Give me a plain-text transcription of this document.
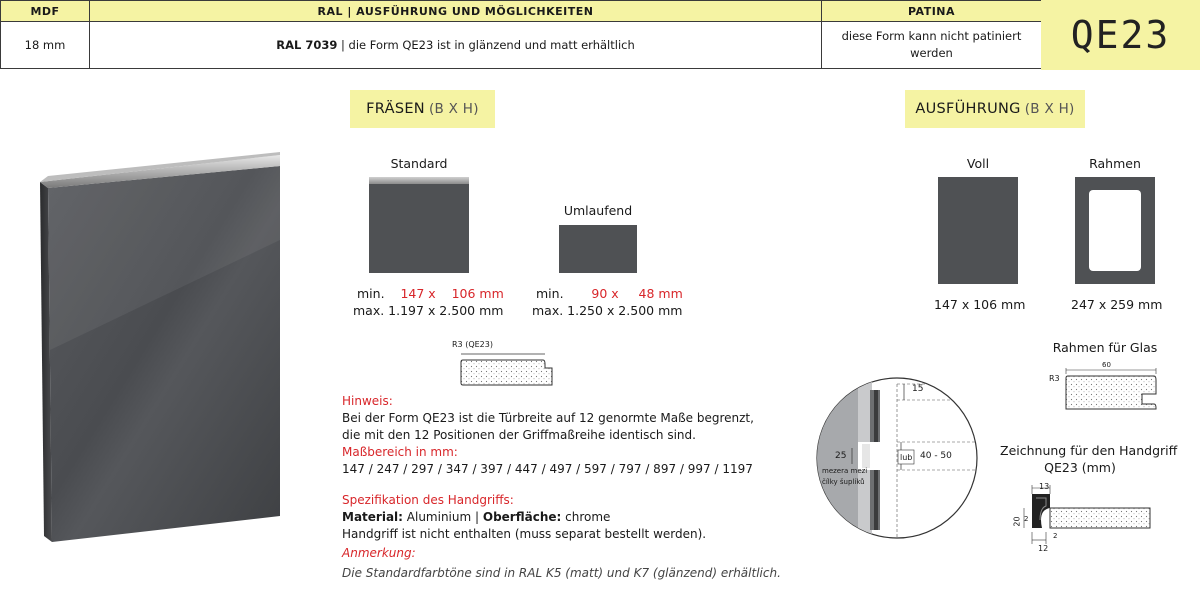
MDF	RAL | AUSFÜHRUNG UND MÖGLICHKEITEN	PATINA
18 mm	RAL 7039 | die Form QE23 ist in glänzend und matt erhältlich	diese Form kann nicht patiniert werden	QE23
FRÄSEN (B X H)
Standard
min. 147 x 106 mm
max. 1.197 x 2.500 mm
Umlaufend
min. 90 x 48 mm
max. 1.250 x 2.500 mm
R3 (QE23)
AUSFÜHRUNG (B X H)
Voll
147 x 106 mm
Rahmen
247 x 259 mm
Rahmen für Glas
R3
60
Zeichnung für den Handgriff
QE23 (mm)
13
20 2
2
12
15
25	lub 40 - 50
mezera mezi
čílky šuplíků
Hinweis:
Bei der Form QE23 ist die Türbreite auf 12 genormte Maße begrenzt,
die mit den 12 Positionen der Griffmaßreihe identisch sind.
Maßbereich in mm:
147 / 247 / 297 / 347 / 397 / 447 / 497 / 597 / 797 / 897 / 997 / 1197
Spezifikation des Handgriffs:
Material: Aluminium | Oberfläche: chrome
Handgriff ist nicht enthalten (muss separat bestellt werden).
Anmerkung:
Die Standardfarbtöne sind in RAL K5 (matt) und K7 (glänzend) erhältlich.
